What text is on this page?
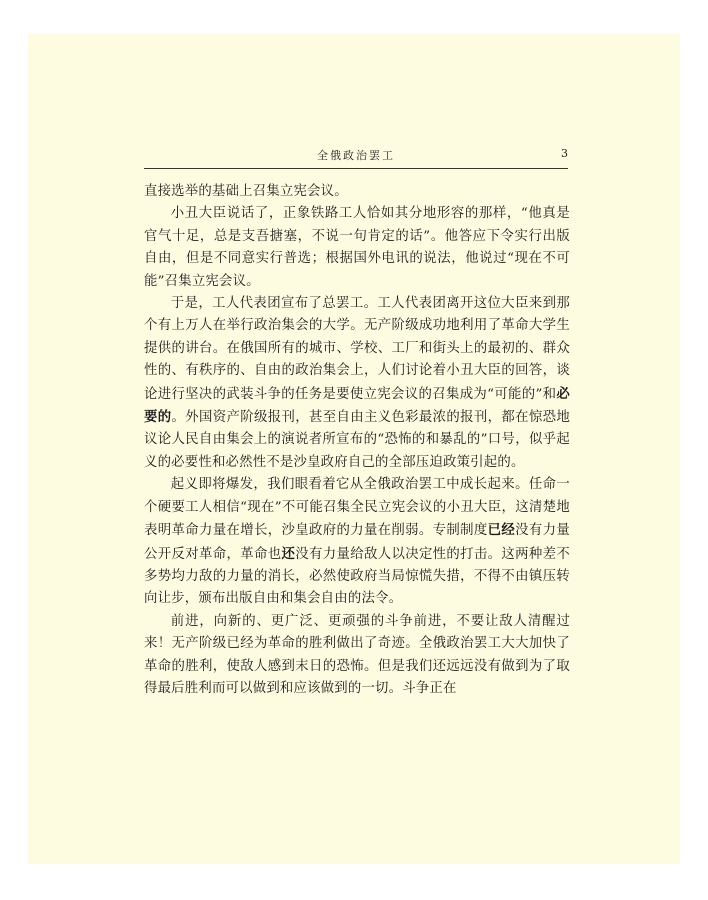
全俄政治罢工	3

直接选举的基础上召集立宪会议。

小丑大臣说话了，正象铁路工人恰如其分地形容的那样，“他真是官气十足，总是支吾搪塞，不说一句肯定的话”。他答应下令实行出版自由，但是不同意实行普选；根据国外电讯的说法，他说过“现在不可能”召集立宪会议。

于是，工人代表团宣布了总罢工。工人代表团离开这位大臣来到那个有上万人在举行政治集会的大学。无产阶级成功地利用了革命大学生提供的讲台。在俄国所有的城市、学校、工厂和街头上的最初的、群众性的、有秩序的、自由的政治集会上，人们讨论着小丑大臣的回答，谈论进行坚决的武装斗争的任务是要使立宪会议的召集成为“可能的”和必要的。外国资产阶级报刊，甚至自由主义色彩最浓的报刊，都在惊恐地议论人民自由集会上的演说者所宣布的“恐怖的和暴乱的”口号，似乎起义的必要性和必然性不是沙皇政府自己的全部压迫政策引起的。

起义即将爆发，我们眼看着它从全俄政治罢工中成长起来。任命一个硬要工人相信“现在”不可能召集全民立宪会议的小丑大臣，这清楚地表明革命力量在增长，沙皇政府的力量在削弱。专制制度已经没有力量公开反对革命，革命也还没有力量给敌人以决定性的打击。这两种差不多势均力敌的力量的消长，必然使政府当局惊慌失措，不得不由镇压转向让步，颁布出版自由和集会自由的法令。

前进，向新的、更广泛、更顽强的斗争前进，不要让敌人清醒过来！无产阶级已经为革命的胜利做出了奇迹。全俄政治罢工大大加快了革命的胜利，使敌人感到末日的恐怖。但是我们还远远没有做到为了取得最后胜利而可以做到和应该做到的一切。斗争正在
